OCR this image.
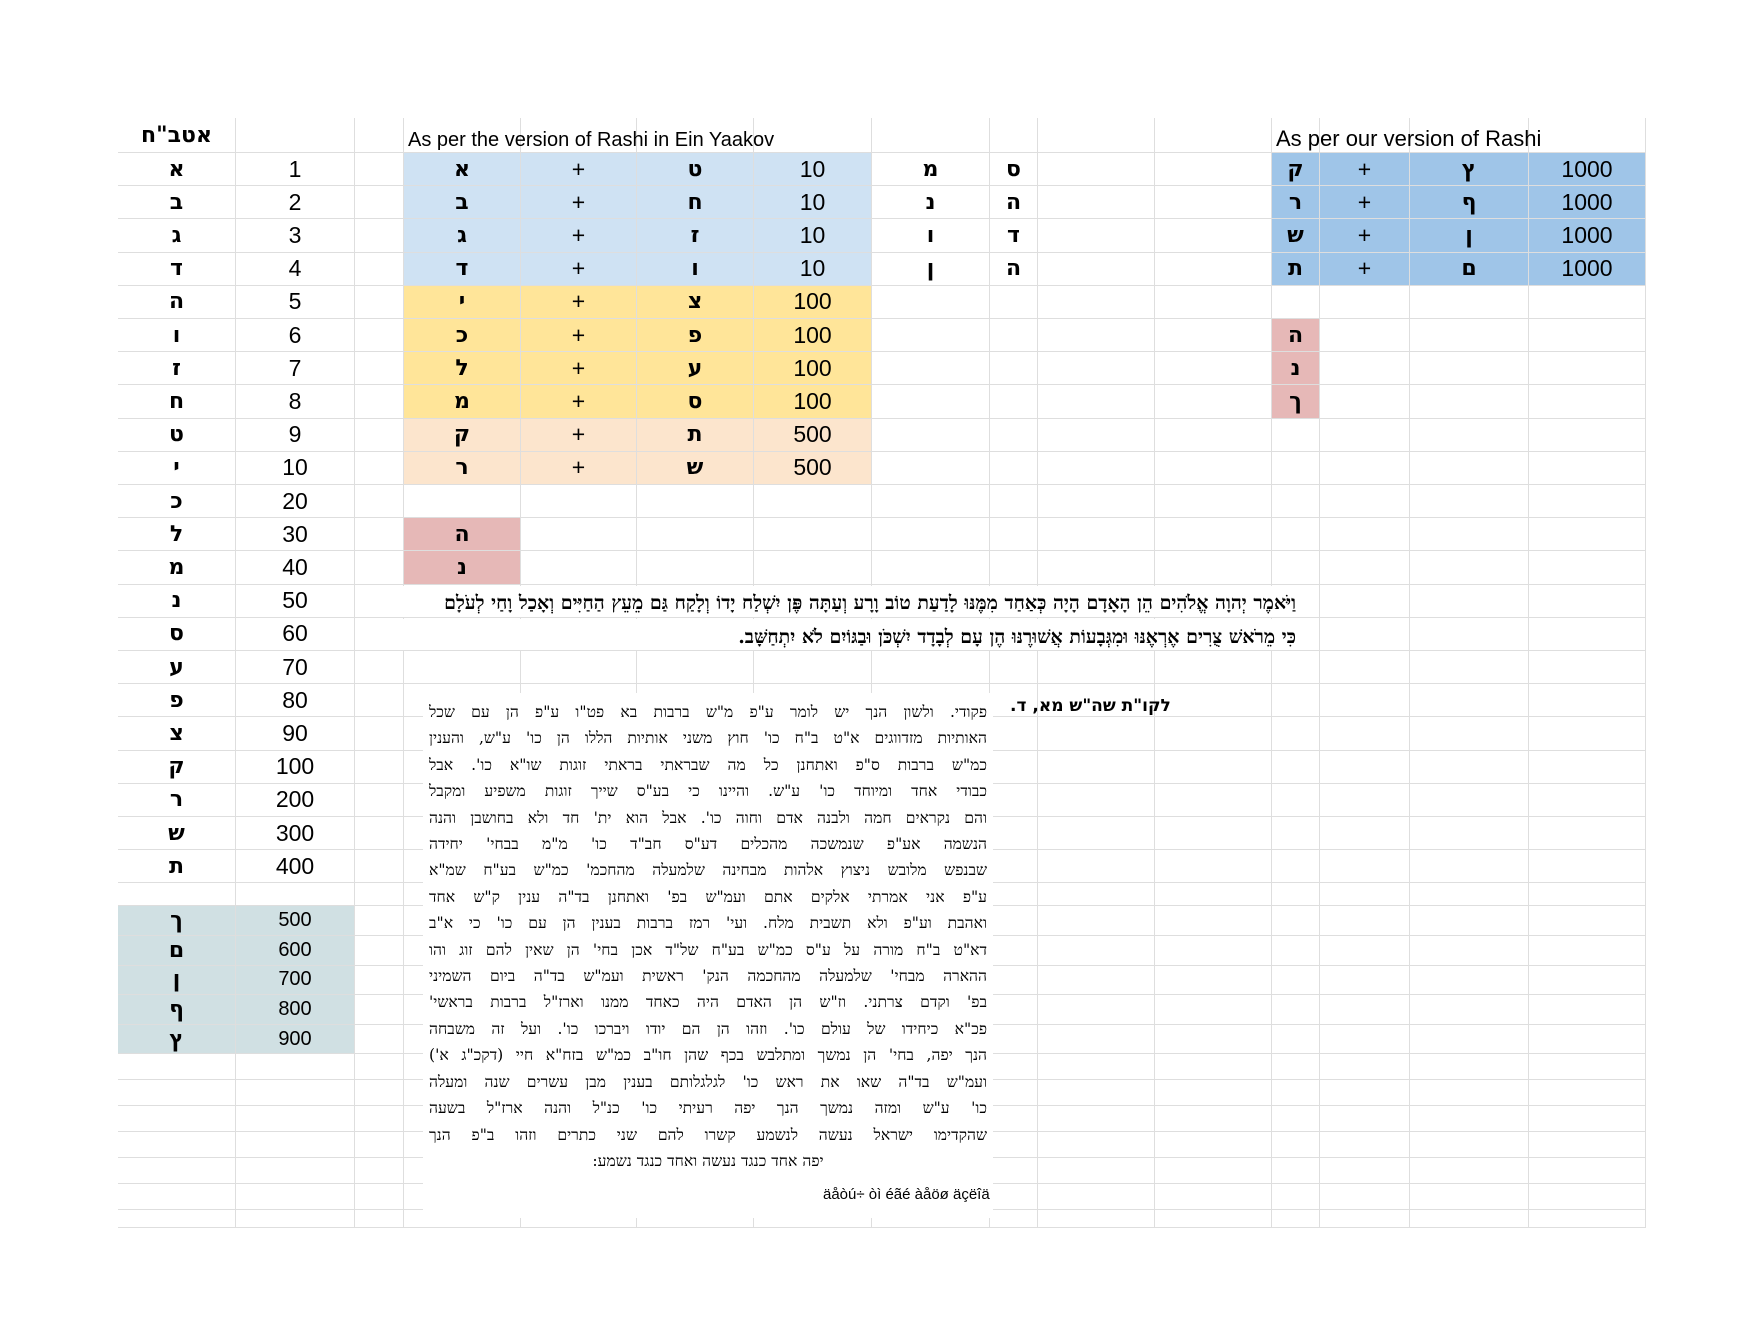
אטב"ח
א	1
ב	2
ג	3
ד	4
ה	5
ו	6
ז	7
ח	8
ט	9
י	10
כ	20
ל	30
מ	40
נ	50
ס	60
ע	70
פ	80
צ	90
ק	100
ר	200
ש	300
ת	400
ך	500
ם	600
ן	700
ף	800
ץ	900
As per the version of Rashi in Ein Yaakov
א	+	ט	10
ב	+	ח	10
ג	+	ז	10
ד	+	ו	10
י	+	צ	100
כ	+	פ	100
ל	+	ע	100
מ	+	ס	100
ק	+	ת	500
ר	+	ש	500
ה
נ
מ	ס
נ	ה
ו	ד
ן	ה
As per our version of Rashi
ק	+	ץ	1000
ר	+	ף	1000
ש	+	ן	1000
ת	+	ם	1000
ה
נ
ך
וַיֹּאמֶר יְהוָה אֱלֹהִים הֵן הָאָדָם הָיָה כְּאַחַד מִמֶּנּוּ לָדַעַת טוֹב וָרָע וְעַתָּה פֶּן יִשְׁלַח יָדוֹ וְלָקַח גַּם מֵעֵץ הַחַיִּים וְאָכַל וָחַי לְעֹלָם
כִּי מֵרֹאשׁ צֻרִים אֶרְאֶנּוּ וּמִגְּבָעוֹת אֲשׁוּרֶנּוּ הֶן עָם לְבָדָד יִשְׁכֹּן וּבַגּוֹיִם לֹא יִתְחַשָּׁב.
לקו"ת שה"ש מא, ד.
פקודי. ולשון הנך יש לומר ע"פ מ"ש ברבות בא פט"ו ע"פ הן עם שכל
האותיות מזדווגים א"ט ב"ח כו' חוץ משני אותיות הללו הן כו' ע"ש, והענין
כמ"ש ברבות ס"פ ואתחנן כל מה שבראתי בראתי זוגות שו"א כו'. אבל
כבודי אחד ומיוחד כו' ע"ש. והיינו כי בע"ס שייך זוגות משפיע ומקבל
והם נקראים חמה ולבנה אדם וחוה כו'. אבל הוא ית' חד ולא בחושבן והנה
הנשמה אע"פ שנמשכה מהכלים דע"ס חב"ד כו' מ"מ בבחי' יחידה
שבנפש מלובש ניצוץ אלהות מבחינה שלמעלה מהחכמ' כמ"ש בע"ח שמ"א
ע"פ אני אמרתי אלקים אתם ועמ"ש בפ' ואתחנן בד"ה ענין ק"ש אחד
ואהבת וע"פ ולא תשבית מלח. ועי' רמז ברבות בענין הן עם כו' כי א"ב
דא"ט ב"ח מורה על ע"ס כמ"ש בע"ח של"ד אכן בחי' הן שאין להם זוג והו
ההארה מבחי' שלמעלה מהחכמה הנק' ראשית ועמ"ש בד"ה ביום השמיני
בפ' וקדם צרתני. וז"ש הן האדם היה כאחד ממנו וארז"ל ברבות בראשי'
פכ"א כיחידו של עולם כו'. וזהו הן הם יודו ויברכו כו'. ועל זה משבחה
הנך יפה, בחי' הן נמשך ומתלבש בכף שהן חו"ב כמ"ש בזח"א חיי (דקכ"ג א')
ועמ"ש בד"ה שאו את ראש כו' לגלגלותם בענין מבן עשרים שנה ומעלה
כו' ע"ש ומזה נמשך הנך יפה רעיתי כו' כנ"ל והנה ארז"ל בשעה
שהקדימו ישראל נעשה לנשמע קשרו להם שני כתרים וזהו ב"פ הנך
יפה אחד כנגד נעשה ואחד כנגד נשמע:
äåòú÷ òì éãé àåöø äçëîä
